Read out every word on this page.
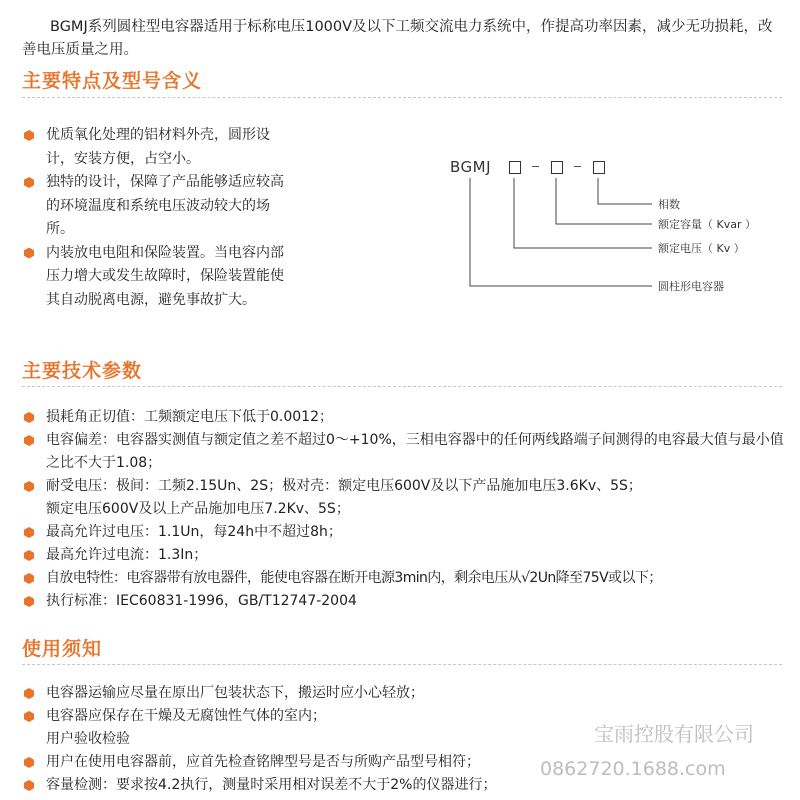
BGMJ系列圆柱型电容器适用于标称电压1000V及以下工频交流电力系统中，作提高功率因素，减少无功损耗，改善电压质量之用。

主要特点及型号含义
优质氧化处理的铝材料外壳，圆形设计，安装方便，占空小。
独特的设计，保障了产品能够适应较高的环境温度和系统电压波动较大的场所。
内装放电电阻和保险装置。当电容内部压力增大或发生故障时，保险装置能使其自动脱离电源，避免事故扩大。
BGMJ
相数
额定容量（ Kvar ）
额定电压（ Kv ）
圆柱形电容器
主要技术参数
损耗角正切值：工频额定电压下低于0.0012；
电容偏差：电容器实测值与额定值之差不超过0～+10%，三相电容器中的任何两线路端子间测得的电容最大值与最小值之比不大于1.08；
耐受电压：极间：工频2.15Un、2S；极对壳：额定电压600V及以下产品施加电压3.6Kv、5S；
额定电压600V及以上产品施加电压7.2Kv、5S；
最高允许过电压：1.1Un，每24h中不超过8h；
最高允许过电流：1.3In；
自放电特性：电容器带有放电器件，能使电容器在断开电源3min内，剩余电压从√2Un降至75V或以下；
执行标准：IEC60831-1996，GB/T12747-2004
使用须知
电容器运输应尽量在原出厂包装状态下，搬运时应小心轻放；
电容器应保存在干燥及无腐蚀性气体的室内；
用户验收检验
用户在使用电容器前，应首先检查铭牌型号是否与所购产品型号相符；
容量检测：要求按4.2执行，测量时采用相对误差不大于2%的仪器进行；
宝雨控股有限公司
0862720.1688.com
